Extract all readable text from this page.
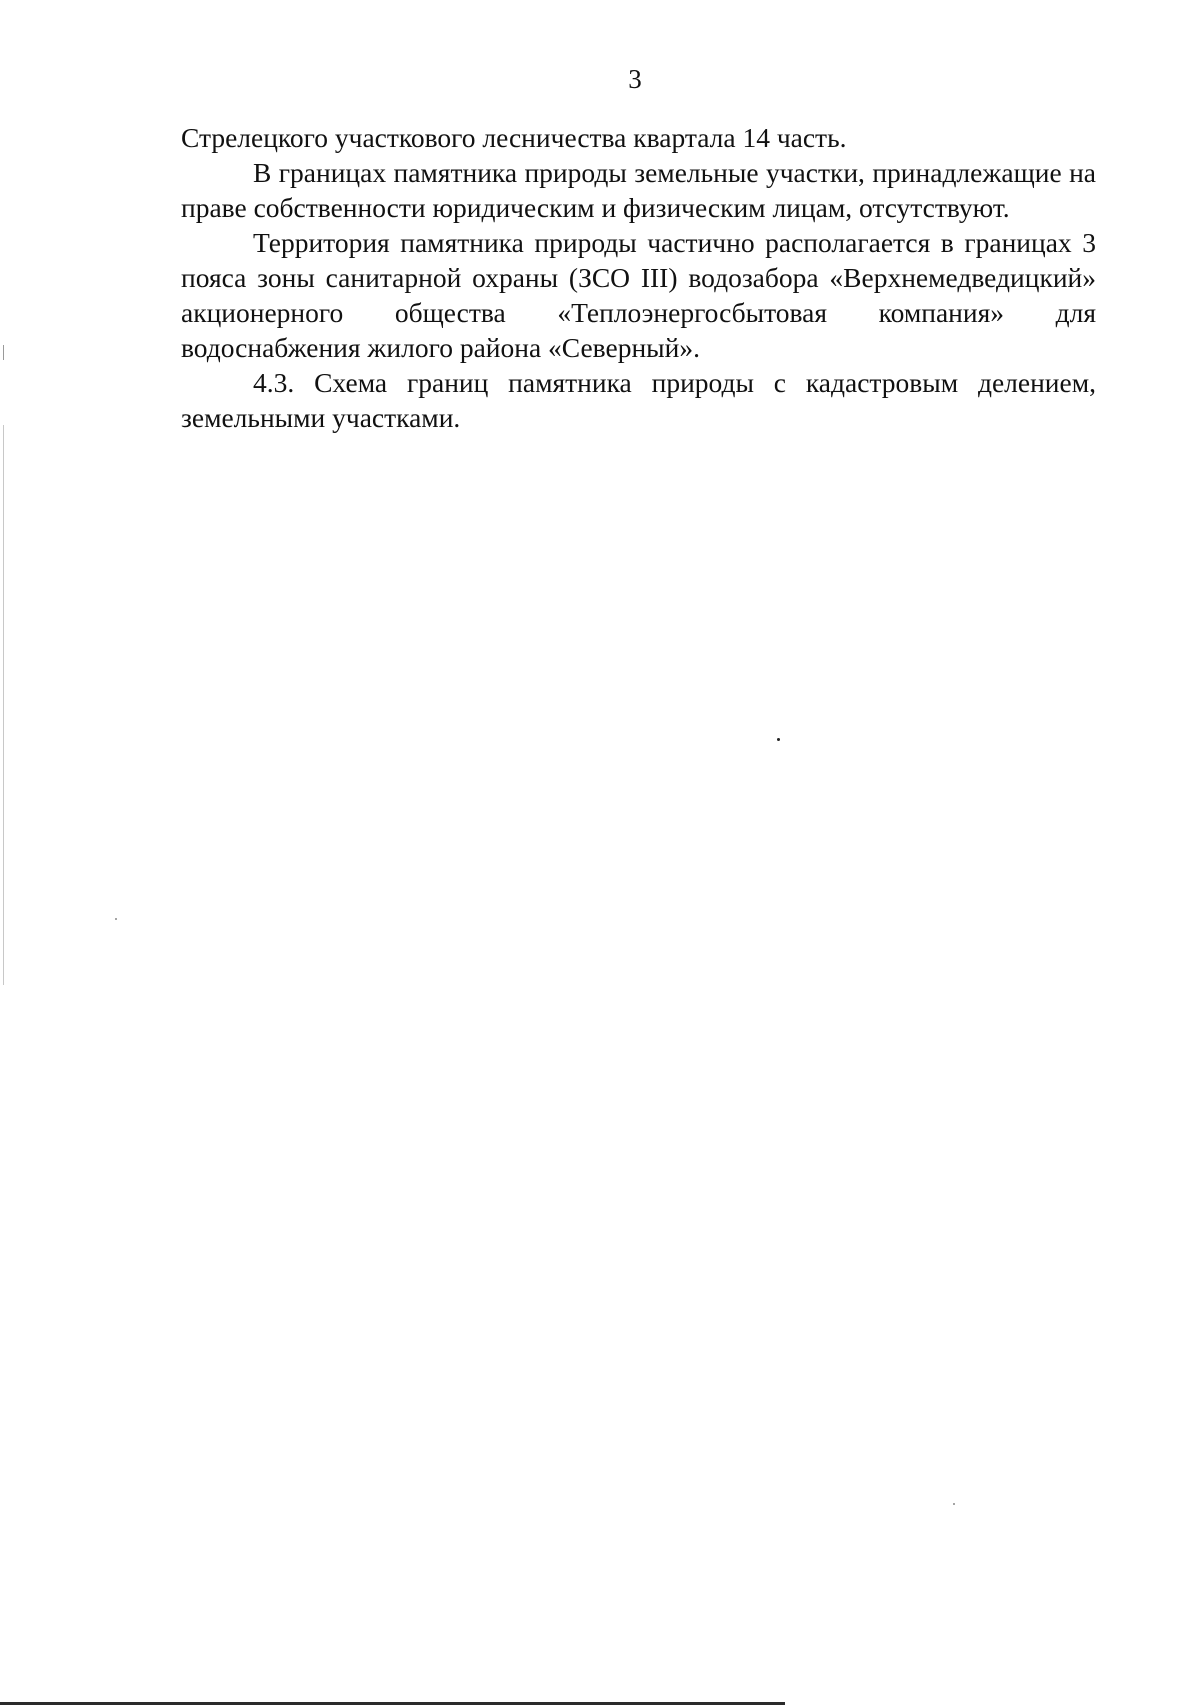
3

Стрелецкого участкового лесничества квартала 14 часть.

В границах памятника природы земельные участки, принадлежащие на праве собственности юридическим и физическим лицам, отсутствуют.

Территория памятника природы частично располагается в границах 3 пояса зоны санитарной охраны (ЗСО III) водозабора «Верхнемедведицкий» акционерного общества «Теплоэнергосбытовая компания» для водоснабжения жилого района «Северный».

4.3. Схема границ памятника природы с кадастровым делением, земельными участками.
